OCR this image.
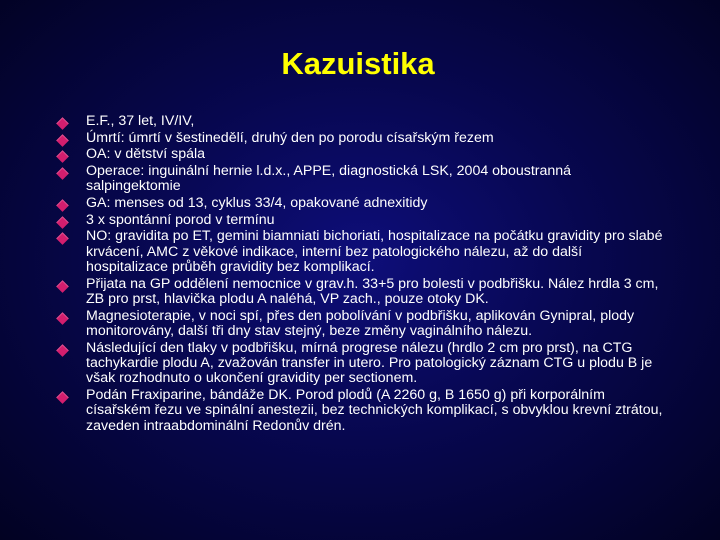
Kazuistika
E.F., 37 let, IV/IV,
Úmrtí: úmrtí v šestinedělí, druhý den po porodu císařským řezem
OA: v dětství spála
Operace: inguinální hernie l.d.x., APPE, diagnostická LSK, 2004 oboustranná salpingektomie
GA: menses od 13, cyklus 33/4, opakované adnexitidy
3 x spontánní porod v termínu
NO: gravidita po ET, gemini biamniati bichoriati, hospitalizace na počátku gravidity pro slabé krvácení, AMC z věkové indikace, interní bez patologického nálezu, až do další hospitalizace průběh gravidity bez komplikací.
Přijata na GP oddělení nemocnice v grav.h. 33+5 pro bolesti v podbřišku. Nález hrdla 3 cm, ZB pro prst, hlavička plodu A naléhá, VP zach., pouze otoky DK.
Magnesioterapie, v noci spí, přes den pobolívání v podbřišku, aplikován Gynipral, plody monitorovány, další tři dny stav stejný, beze změny vaginálního nálezu.
Následující den tlaky v podbřišku, mírná progrese nálezu (hrdlo 2 cm pro prst), na CTG tachykardie plodu A, zvažován transfer in utero. Pro patologický záznam CTG u plodu B je však rozhodnuto o ukončení gravidity per sectionem.
Podán Fraxiparine, bándáže DK. Porod plodů (A 2260 g, B 1650 g) při korporálním císařském řezu ve spinální anestezii, bez technických komplikací, s obvyklou krevní ztrátou, zaveden intraabdominální Redonův drén.
